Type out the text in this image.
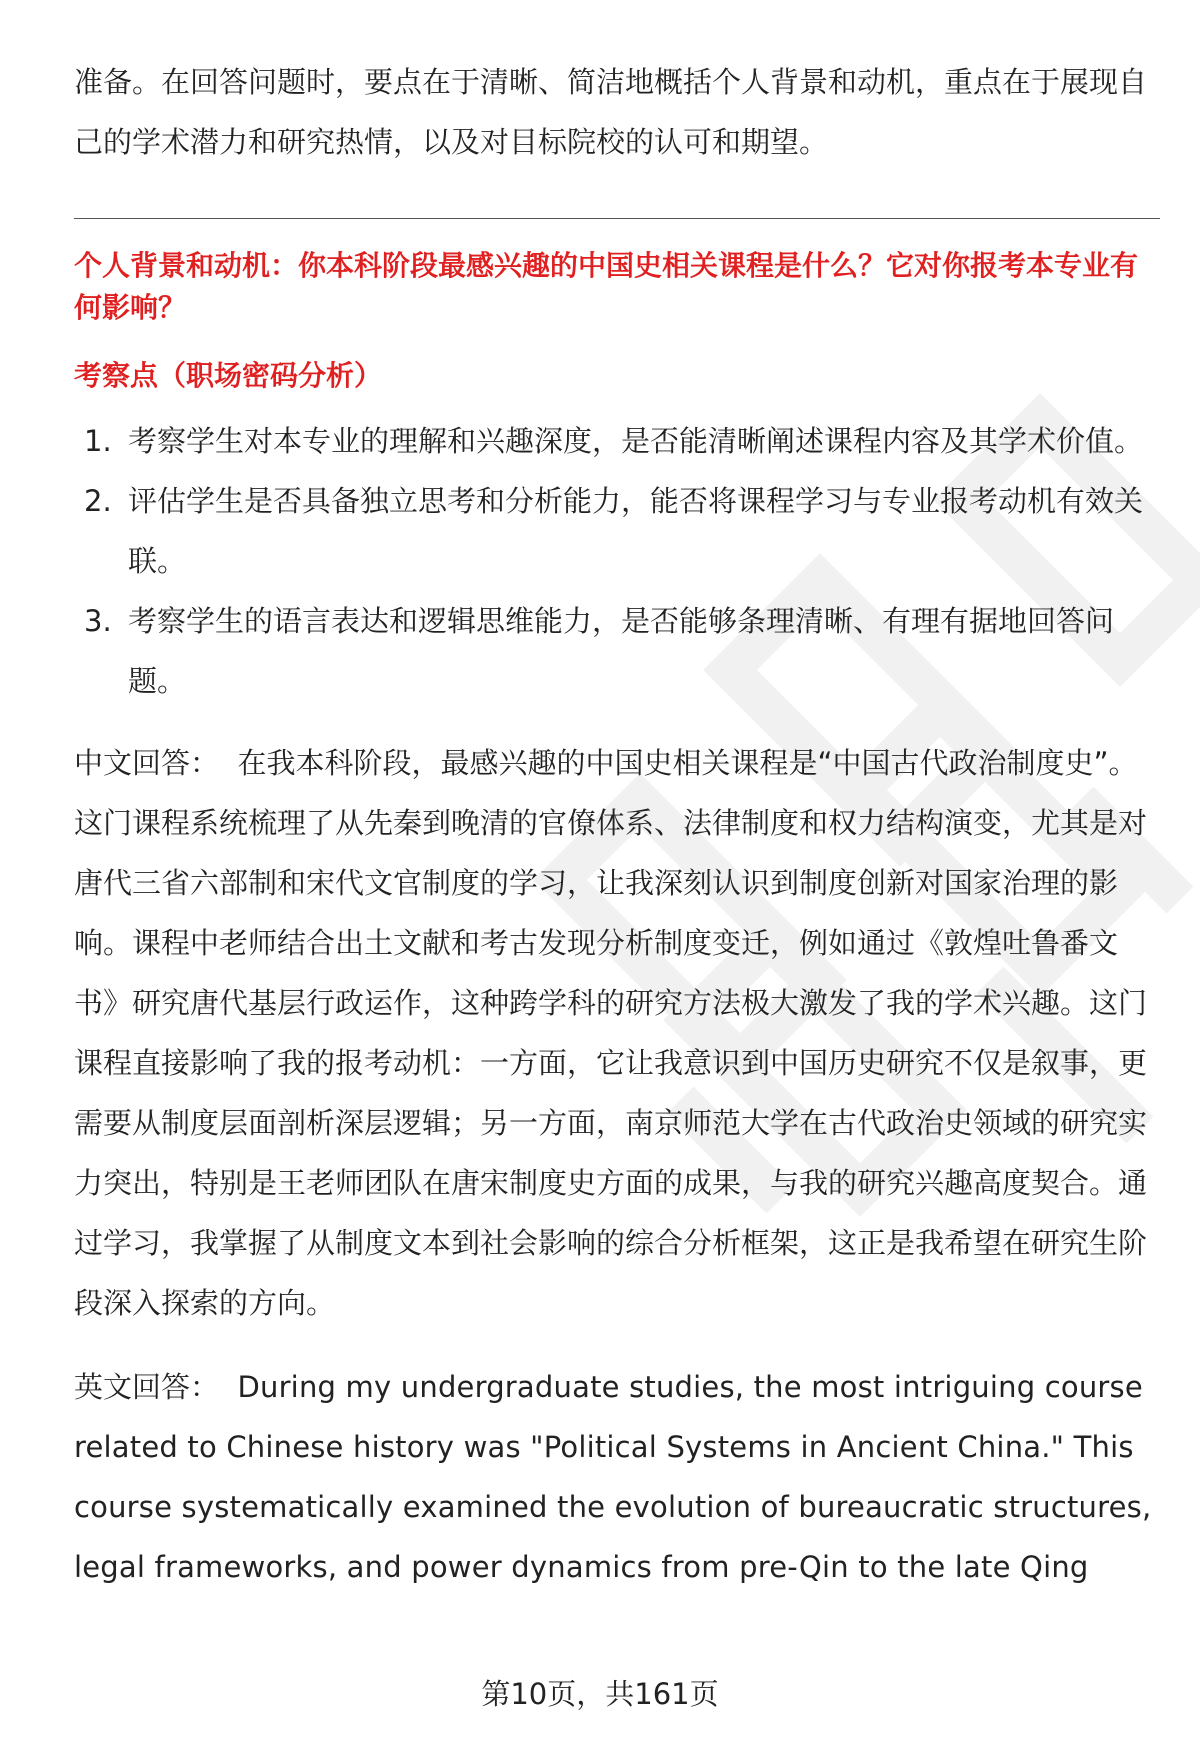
准备。在回答问题时，要点在于清晰、简洁地概括个人背景和动机，重点在于展现自己的学术潜力和研究热情，以及对目标院校的认可和期望。

个人背景和动机：你本科阶段最感兴趣的中国史相关课程是什么？它对你报考本专业有何影响？

考察点（职场密码分析）

1. 考察学生对本专业的理解和兴趣深度，是否能清晰阐述课程内容及其学术价值。
2. 评估学生是否具备独立思考和分析能力，能否将课程学习与专业报考动机有效关联。
3. 考察学生的语言表达和逻辑思维能力，是否能够条理清晰、有理有据地回答问题。

中文回答： 在我本科阶段，最感兴趣的中国史相关课程是“中国古代政治制度史”。这门课程系统梳理了从先秦到晚清的官僚体系、法律制度和权力结构演变，尤其是对唐代三省六部制和宋代文官制度的学习，让我深刻认识到制度创新对国家治理的影响。课程中老师结合出土文献和考古发现分析制度变迁，例如通过《敦煌吐鲁番文书》研究唐代基层行政运作，这种跨学科的研究方法极大激发了我的学术兴趣。这门课程直接影响了我的报考动机：一方面，它让我意识到中国历史研究不仅是叙事，更需要从制度层面剖析深层逻辑；另一方面，南京师范大学在古代政治史领域的研究实力突出，特别是王老师团队在唐宋制度史方面的成果，与我的研究兴趣高度契合。通过学习，我掌握了从制度文本到社会影响的综合分析框架，这正是我希望在研究生阶段深入探索的方向。

英文回答： During my undergraduate studies, the most intriguing course related to Chinese history was "Political Systems in Ancient China." This course systematically examined the evolution of bureaucratic structures, legal frameworks, and power dynamics from pre-Qin to the late Qing

第10页，共161页
